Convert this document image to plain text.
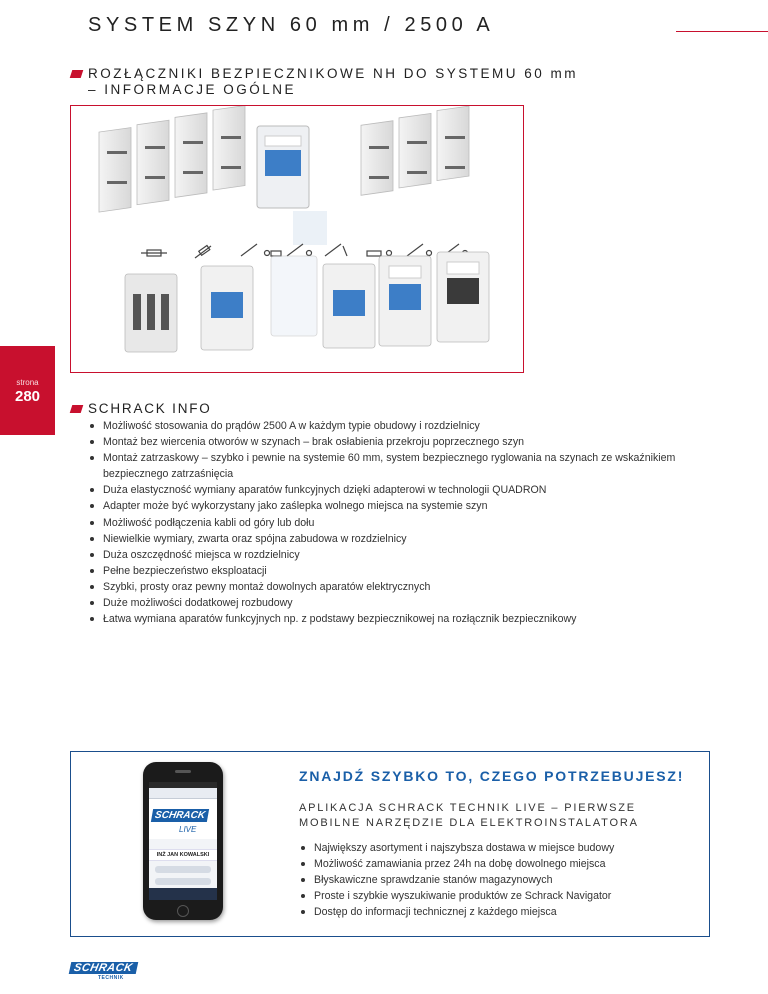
SYSTEM SZYN 60 mm / 2500 A
ROZŁĄCZNIKI BEZPIECZNIKOWE NH DO SYSTEMU 60 mm
– INFORMACJE OGÓLNE
strona
280
SCHRACK INFO
Możliwość stosowania do prądów 2500 A w każdym typie obudowy i rozdzielnicy
Montaż bez wiercenia otworów w szynach – brak osłabienia przekroju poprzecznego szyn
Montaż zatrzaskowy – szybko i pewnie na systemie 60 mm, system bezpiecznego ryglowania na szynach ze wskaźnikiem bezpiecznego zatrzaśnięcia
Duża elastyczność wymiany aparatów funkcyjnych dzięki adapterowi w technologii QUADRON
Adapter może być wykorzystany jako zaślepka wolnego miejsca na systemie szyn
Możliwość podłączenia kabli od góry lub dołu
Niewielkie wymiary, zwarta oraz spójna zabudowa w rozdzielnicy
Duża oszczędność miejsca w rozdzielnicy
Pełne bezpieczeństwo eksploatacji
Szybki, prosty oraz pewny montaż dowolnych aparatów elektrycznych
Duże możliwości dodatkowej rozbudowy
Łatwa wymiana aparatów funkcyjnych np. z podstawy bezpiecznikowej na rozłącznik bezpiecznikowy
ZNAJDŹ SZYBKO TO, CZEGO POTRZEBUJESZ!
APLIKACJA SCHRACK TECHNIK LIVE – PIERWSZE
MOBILNE NARZĘDZIE DLA ELEKTROINSTALATORA
Największy asortyment i najszybsza dostawa w miejsce budowy
Możliwość zamawiania przez 24h na dobę dowolnego miejsca
Błyskawiczne sprawdzanie stanów magazynowych
Proste i szybkie wyszukiwanie produktów ze Schrack Navigator
Dostęp do informacji technicznej z każdego miejsca
SCHRACK
LIVE
INŻ JAN KOWALSKI
SCHRACK
TECHNIK
